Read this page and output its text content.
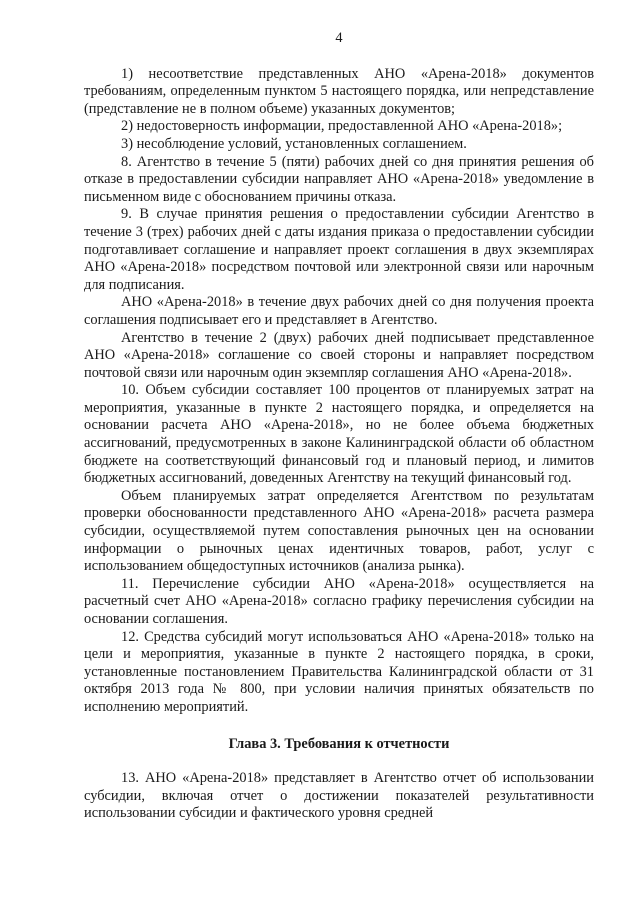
4

1) несоответствие представленных АНО «Арена-2018» документов требованиям, определенным пунктом 5 настоящего порядка, или непредставление (представление не в полном объеме) указанных документов;

2) недостоверность информации, предоставленной АНО «Арена-2018»;

3) несоблюдение условий, установленных соглашением.

8. Агентство в течение 5 (пяти) рабочих дней со дня принятия решения об отказе в предоставлении субсидии направляет АНО «Арена-2018» уведомление в письменном виде с обоснованием причины отказа.

9. В случае принятия решения о предоставлении субсидии Агентство в течение 3 (трех) рабочих дней с даты издания приказа о предоставлении субсидии подготавливает соглашение и направляет проект соглашения в двух экземплярах АНО «Арена-2018» посредством почтовой или электронной связи или нарочным для подписания.

АНО «Арена-2018» в течение двух рабочих дней со дня получения проекта соглашения подписывает его и представляет в Агентство.

Агентство в течение 2 (двух) рабочих дней подписывает представленное АНО «Арена-2018» соглашение со своей стороны и направляет посредством почтовой связи или нарочным один экземпляр соглашения АНО «Арена-2018».

10. Объем субсидии составляет 100 процентов от планируемых затрат на мероприятия, указанные в пункте 2 настоящего порядка, и определяется на основании расчета АНО «Арена-2018», но не более объема бюджетных ассигнований, предусмотренных в законе Калининградской области об областном бюджете на соответствующий финансовый год и плановый период, и лимитов бюджетных ассигнований, доведенных Агентству на текущий финансовый год.

Объем планируемых затрат определяется Агентством по результатам проверки обоснованности представленного АНО «Арена-2018» расчета размера субсидии, осуществляемой путем сопоставления рыночных цен на основании информации о рыночных ценах идентичных товаров, работ, услуг с использованием общедоступных источников (анализа рынка).

11. Перечисление субсидии АНО «Арена-2018» осуществляется на расчетный счет АНО «Арена-2018» согласно графику перечисления субсидии на основании соглашения.

12. Средства субсидий могут использоваться АНО «Арена-2018» только на цели и мероприятия, указанные в пункте 2 настоящего порядка, в сроки, установленные постановлением Правительства Калининградской области от 31 октября 2013 года № 800, при условии наличия принятых обязательств по исполнению мероприятий.

Глава 3. Требования к отчетности

13. АНО «Арена-2018» представляет в Агентство отчет об использовании субсидии, включая отчет о достижении показателей результативности использовании субсидии и фактического уровня средней
